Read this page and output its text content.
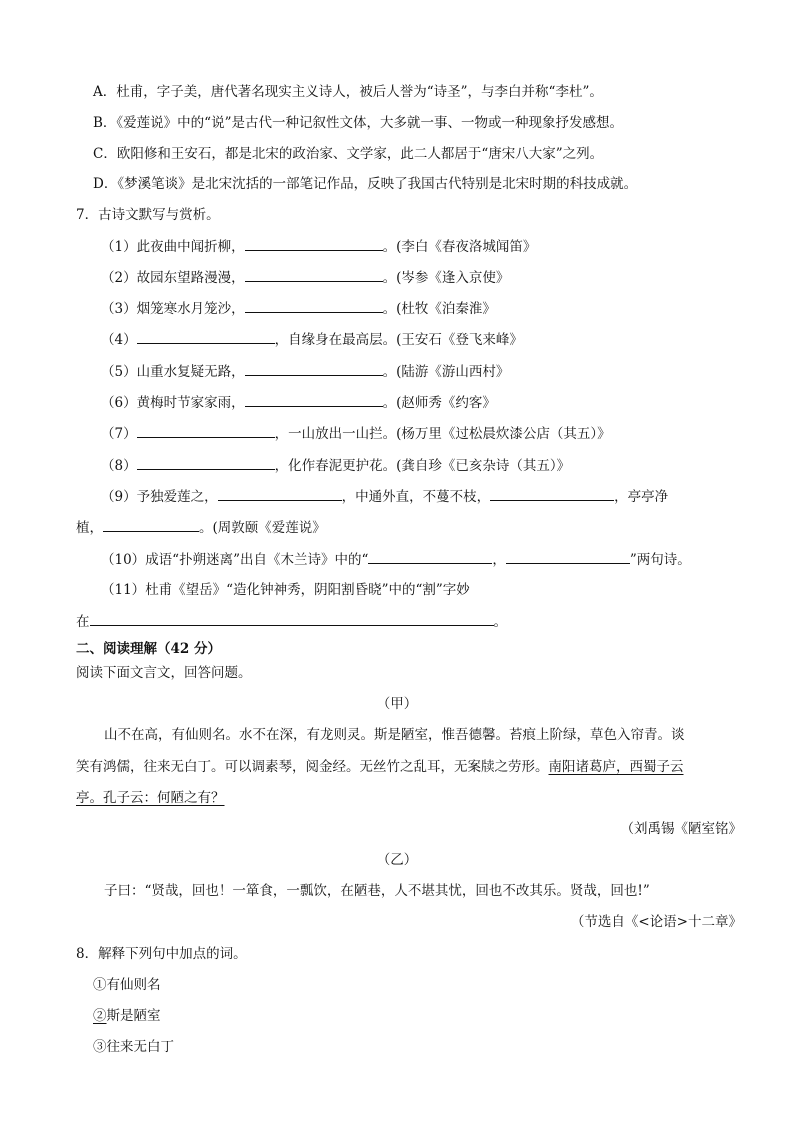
A．杜甫，字子美，唐代著名现实主义诗人，被后人誉为“诗圣”，与李白并称“李杜”。
B．《爱莲说》中的“说”是古代一种记叙性文体，大多就一事、一物或一种现象抒发感想。
C．欧阳修和王安石，都是北宋的政治家、文学家，此二人都居于“唐宋八大家”之列。
D．《梦溪笔谈》是北宋沈括的一部笔记作品，反映了我国古代特别是北宋时期的科技成就。
7．古诗文默写与赏析。
（1）此夜曲中闻折柳，	。(李白《春夜洛城闻笛》
（2）故园东望路漫漫，	。(岑参《逢入京使》
（3）烟笼寒水月笼沙，	。(杜牧《泊秦淮》
（4）	，自缘身在最高层。(王安石《登飞来峰》
（5）山重水复疑无路，	。(陆游《游山西村》
（6）黄梅时节家家雨，	。(赵师秀《约客》
（7）	，一山放出一山拦。(杨万里《过松晨炊漆公店（其五）》
（8）	，化作春泥更护花。(龚自珍《已亥杂诗（其五）》
（9）予独爱莲之，	，中通外直，不蔓不枝，	，亭亭净
植，	。(周敦颐《爱莲说》
（10）成语“扑朔迷离”出自《木兰诗》中的“	，	”两句诗。
（11）杜甫《望岳》“造化钟神秀，阴阳割昏晓”中的“割”字妙
在	。
二、阅读理解（42 分）
阅读下面文言文，回答问题。
（甲）
山不在高，有仙则名。水不在深，有龙则灵。斯是陋室，惟吾德馨。苔痕上阶绿，草色入帘青。谈
笑有鸿儒，往来无白丁。可以调素琴，阅金经。无丝竹之乱耳，无案牍之劳形。南阳诸葛庐，西蜀子云
亭。孔子云：何陋之有？
（刘禹锡《陋室铭》
（乙）
子曰：“贤哉，回也！一箪食，一瓢饮，在陋巷，人不堪其忧，回也不改其乐。贤哉，回也!”
（节选自《<论语>十二章》
8．解释下列句中加点的词。
①有仙则名
②斯是陋室
③往来无白丁
